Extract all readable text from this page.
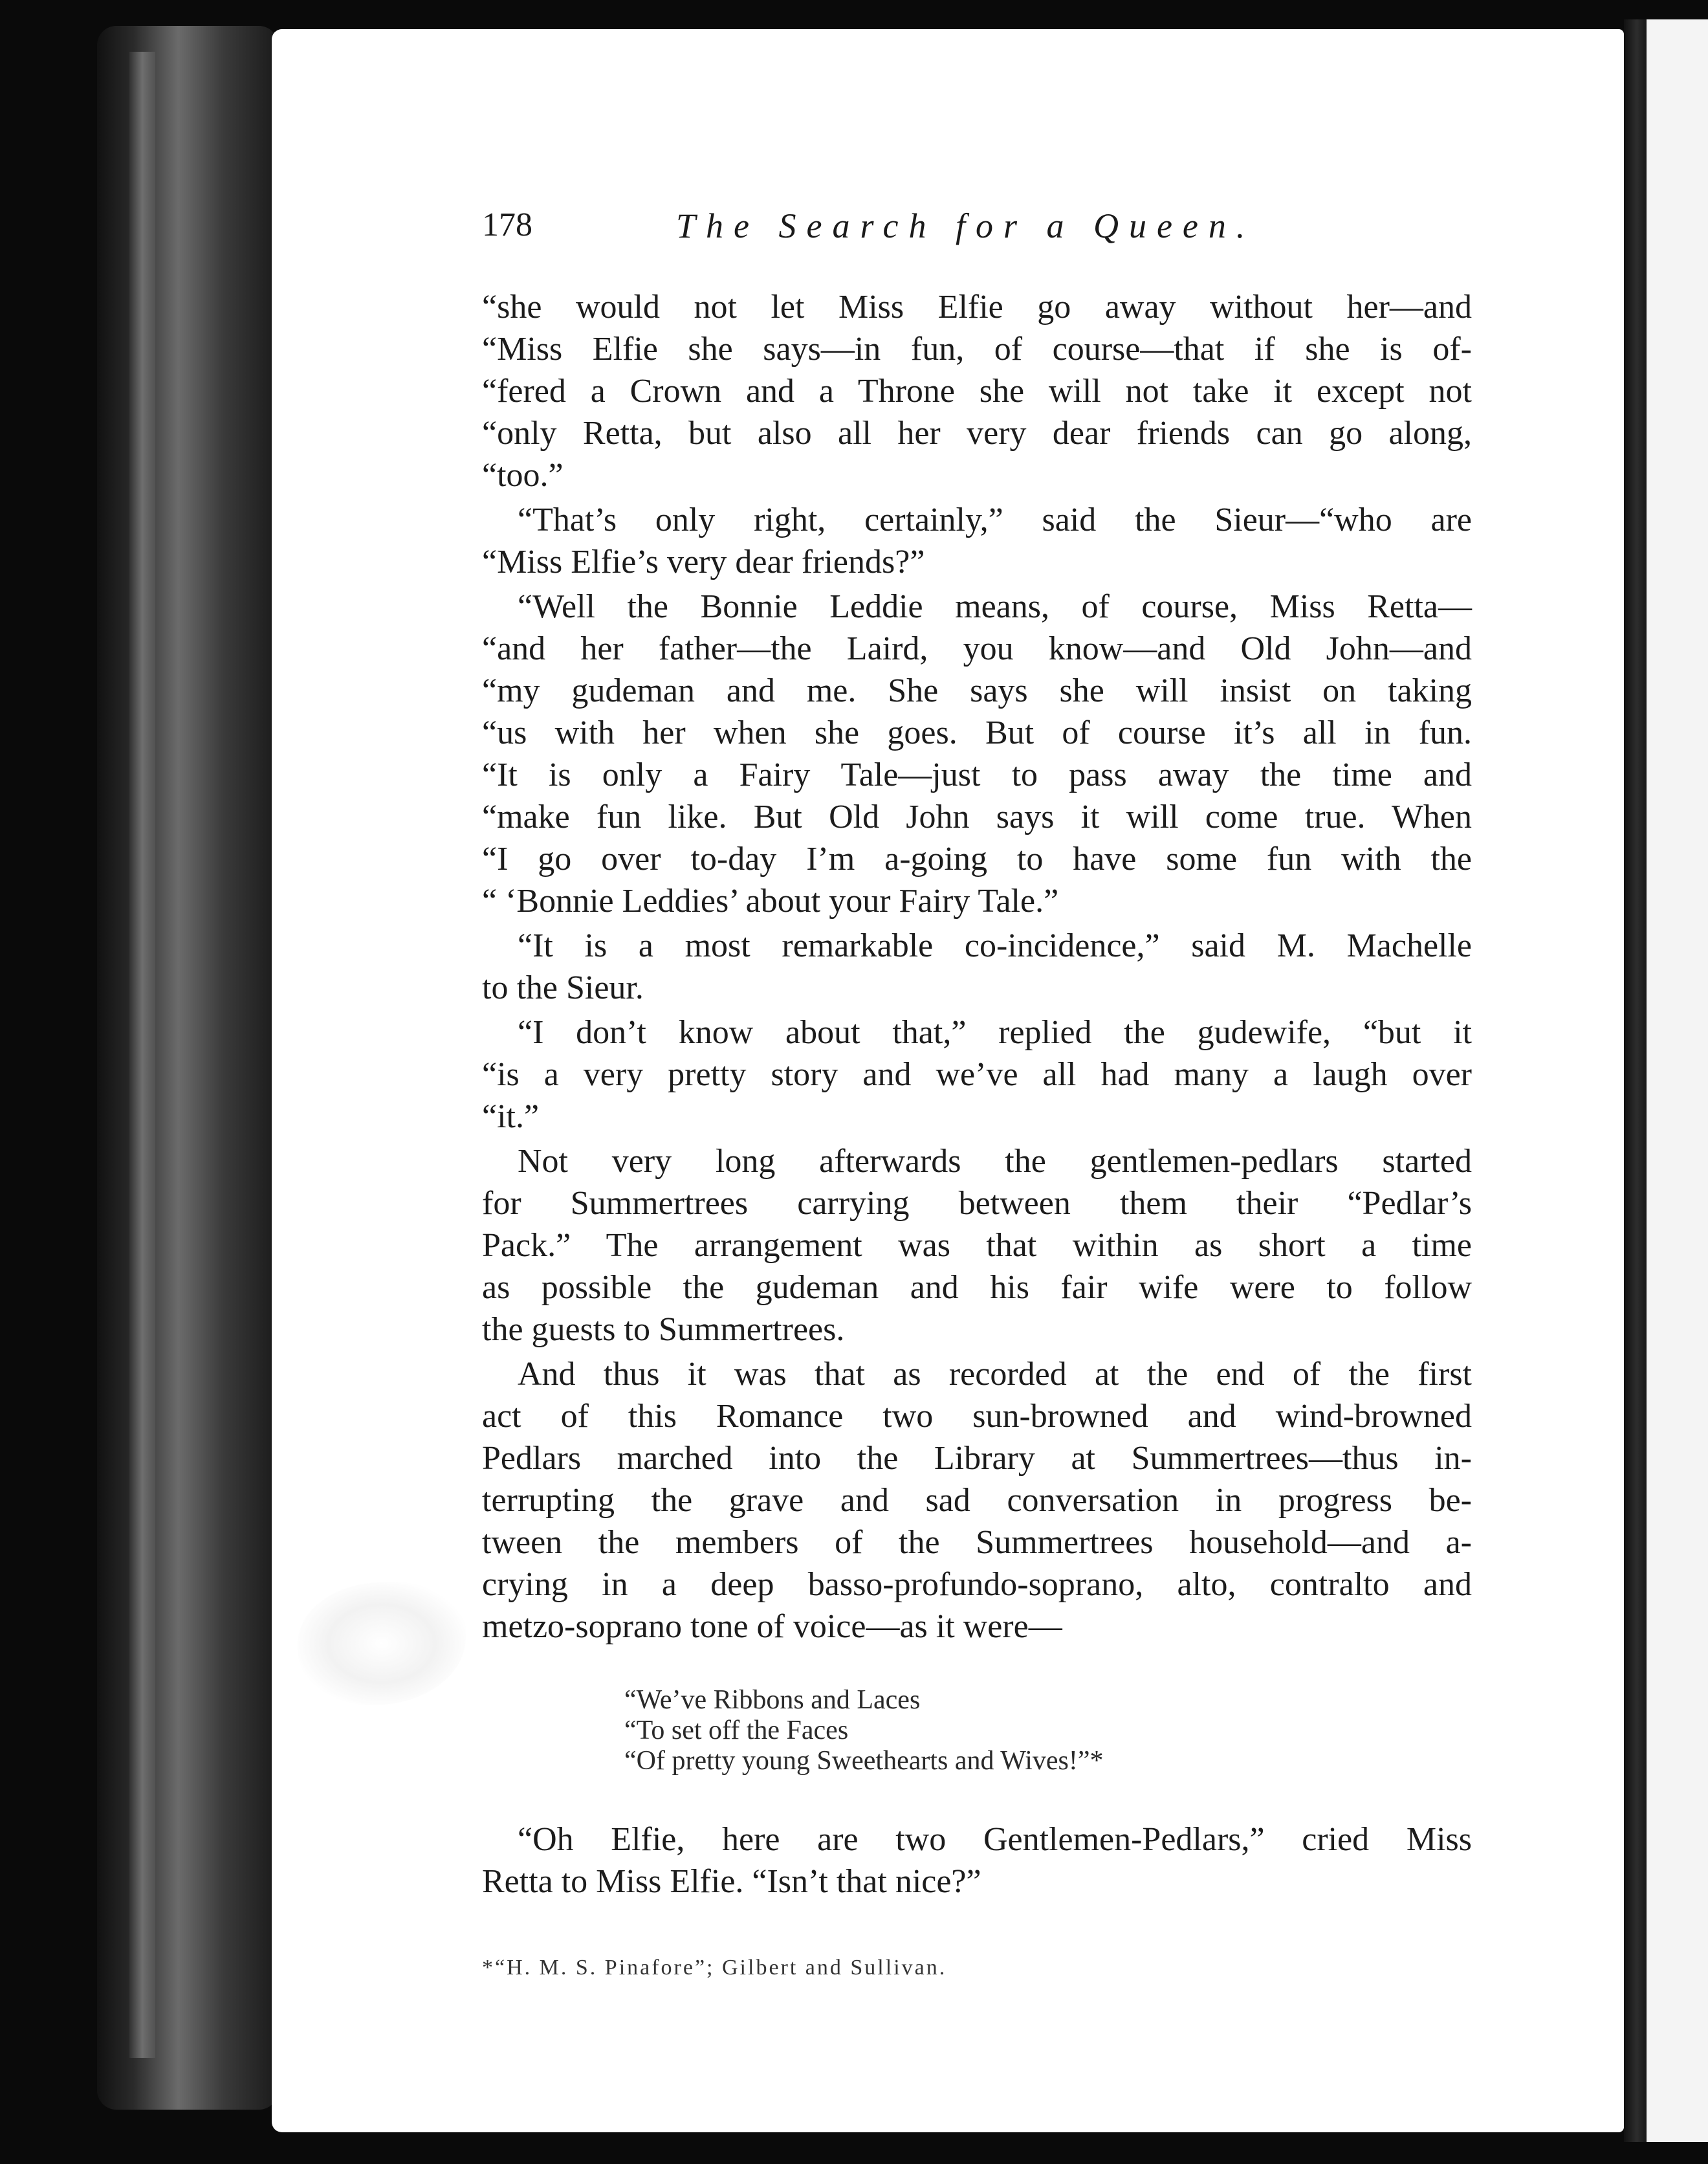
178	The Search for a Queen.
“she would not let Miss Elfie go away without her—and
“Miss Elfie she says—in fun, of course—that if she is of-
“fered a Crown and a Throne she will not take it except not
“only Retta, but also all her very dear friends can go along,
“too.”
“That’s only right, certainly,” said the Sieur—“who are
“Miss Elfie’s very dear friends?”
“Well the Bonnie Leddie means, of course, Miss Retta—
“and her father—the Laird, you know—and Old John—and
“my gudeman and me. She says she will insist on taking
“us with her when she goes. But of course it’s all in fun.
“It is only a Fairy Tale—just to pass away the time and
“make fun like. But Old John says it will come true. When
“I go over to-day I’m a-going to have some fun with the
“ ‘Bonnie Leddies’ about your Fairy Tale.”
“It is a most remarkable co-incidence,” said M. Machelle
to the Sieur.
“I don’t know about that,” replied the gudewife, “but it
“is a very pretty story and we’ve all had many a laugh over
“it.”
Not very long afterwards the gentlemen-pedlars started
for Summertrees carrying between them their “Pedlar’s
Pack.” The arrangement was that within as short a time
as possible the gudeman and his fair wife were to follow
the guests to Summertrees.
And thus it was that as recorded at the end of the first
act of this Romance two sun-browned and wind-browned
Pedlars marched into the Library at Summertrees—thus in-
terrupting the grave and sad conversation in progress be-
tween the members of the Summertrees household—and a-
crying in a deep basso-profundo-soprano, alto, contralto and
metzo-soprano tone of voice—as it were—
“We’ve Ribbons and Laces
“To set off the Faces
“Of pretty young Sweethearts and Wives!”*
“Oh Elfie, here are two Gentlemen-Pedlars,” cried Miss
Retta to Miss Elfie. “Isn’t that nice?”
*“H. M. S. Pinafore”; Gilbert and Sullivan.
